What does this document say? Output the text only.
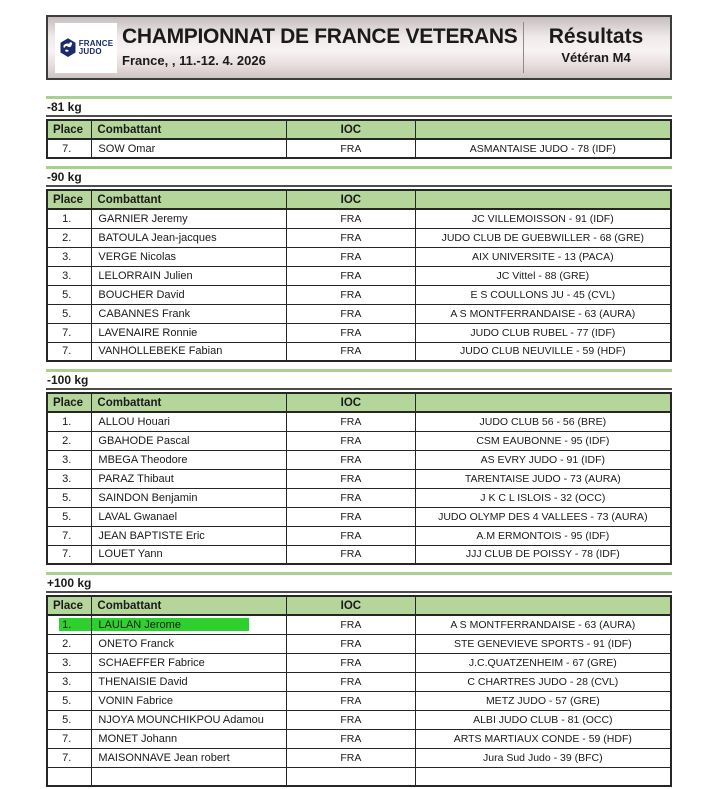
FRANCE
JUDO
CHAMPIONNAT DE FRANCE VETERANS
France, , 11.-12. 4. 2026
Résultats
Vétéran M4
-81 kg
Place	Combattant	IOC	
7.	SOW Omar	FRA	ASMANTAISE JUDO - 78 (IDF)
-90 kg
Place	Combattant	IOC	
1.	GARNIER Jeremy	FRA	JC VILLEMOISSON - 91 (IDF)
2.	BATOULA Jean-jacques	FRA	JUDO CLUB DE GUEBWILLER - 68 (GRE)
3.	VERGE Nicolas	FRA	AIX UNIVERSITE - 13 (PACA)
3.	LELORRAIN Julien	FRA	JC Vittel - 88 (GRE)
5.	BOUCHER David	FRA	E S COULLONS JU - 45 (CVL)
5.	CABANNES Frank	FRA	A S MONTFERRANDAISE - 63 (AURA)
7.	LAVENAIRE Ronnie	FRA	JUDO CLUB RUBEL - 77 (IDF)
7.	VANHOLLEBEKE Fabian	FRA	JUDO CLUB NEUVILLE - 59 (HDF)
-100 kg
Place	Combattant	IOC	
1.	ALLOU Houari	FRA	JUDO CLUB 56 - 56 (BRE)
2.	GBAHODE Pascal	FRA	CSM EAUBONNE - 95 (IDF)
3.	MBEGA Theodore	FRA	AS EVRY JUDO - 91 (IDF)
3.	PARAZ Thibaut	FRA	TARENTAISE JUDO - 73 (AURA)
5.	SAINDON Benjamin	FRA	J K C L ISLOIS - 32 (OCC)
5.	LAVAL Gwanael	FRA	JUDO OLYMP DES 4 VALLEES - 73 (AURA)
7.	JEAN BAPTISTE Eric	FRA	A.M ERMONTOIS - 95 (IDF)
7.	LOUET Yann	FRA	JJJ CLUB DE POISSY - 78 (IDF)
+100 kg
Place	Combattant	IOC	
1.	LAULAN Jerome	FRA	A S MONTFERRANDAISE - 63 (AURA)
2.	ONETO Franck	FRA	STE GENEVIEVE SPORTS - 91 (IDF)
3.	SCHAEFFER Fabrice	FRA	J.C.QUATZENHEIM - 67 (GRE)
3.	THENAISIE David	FRA	C CHARTRES JUDO - 28 (CVL)
5.	VONIN Fabrice	FRA	METZ JUDO - 57 (GRE)
5.	NJOYA MOUNCHIKPOU Adamou	FRA	ALBI JUDO CLUB - 81 (OCC)
7.	MONET Johann	FRA	ARTS MARTIAUX CONDE - 59 (HDF)
7.	MAISONNAVE Jean robert	FRA	Jura Sud Judo - 39 (BFC)
